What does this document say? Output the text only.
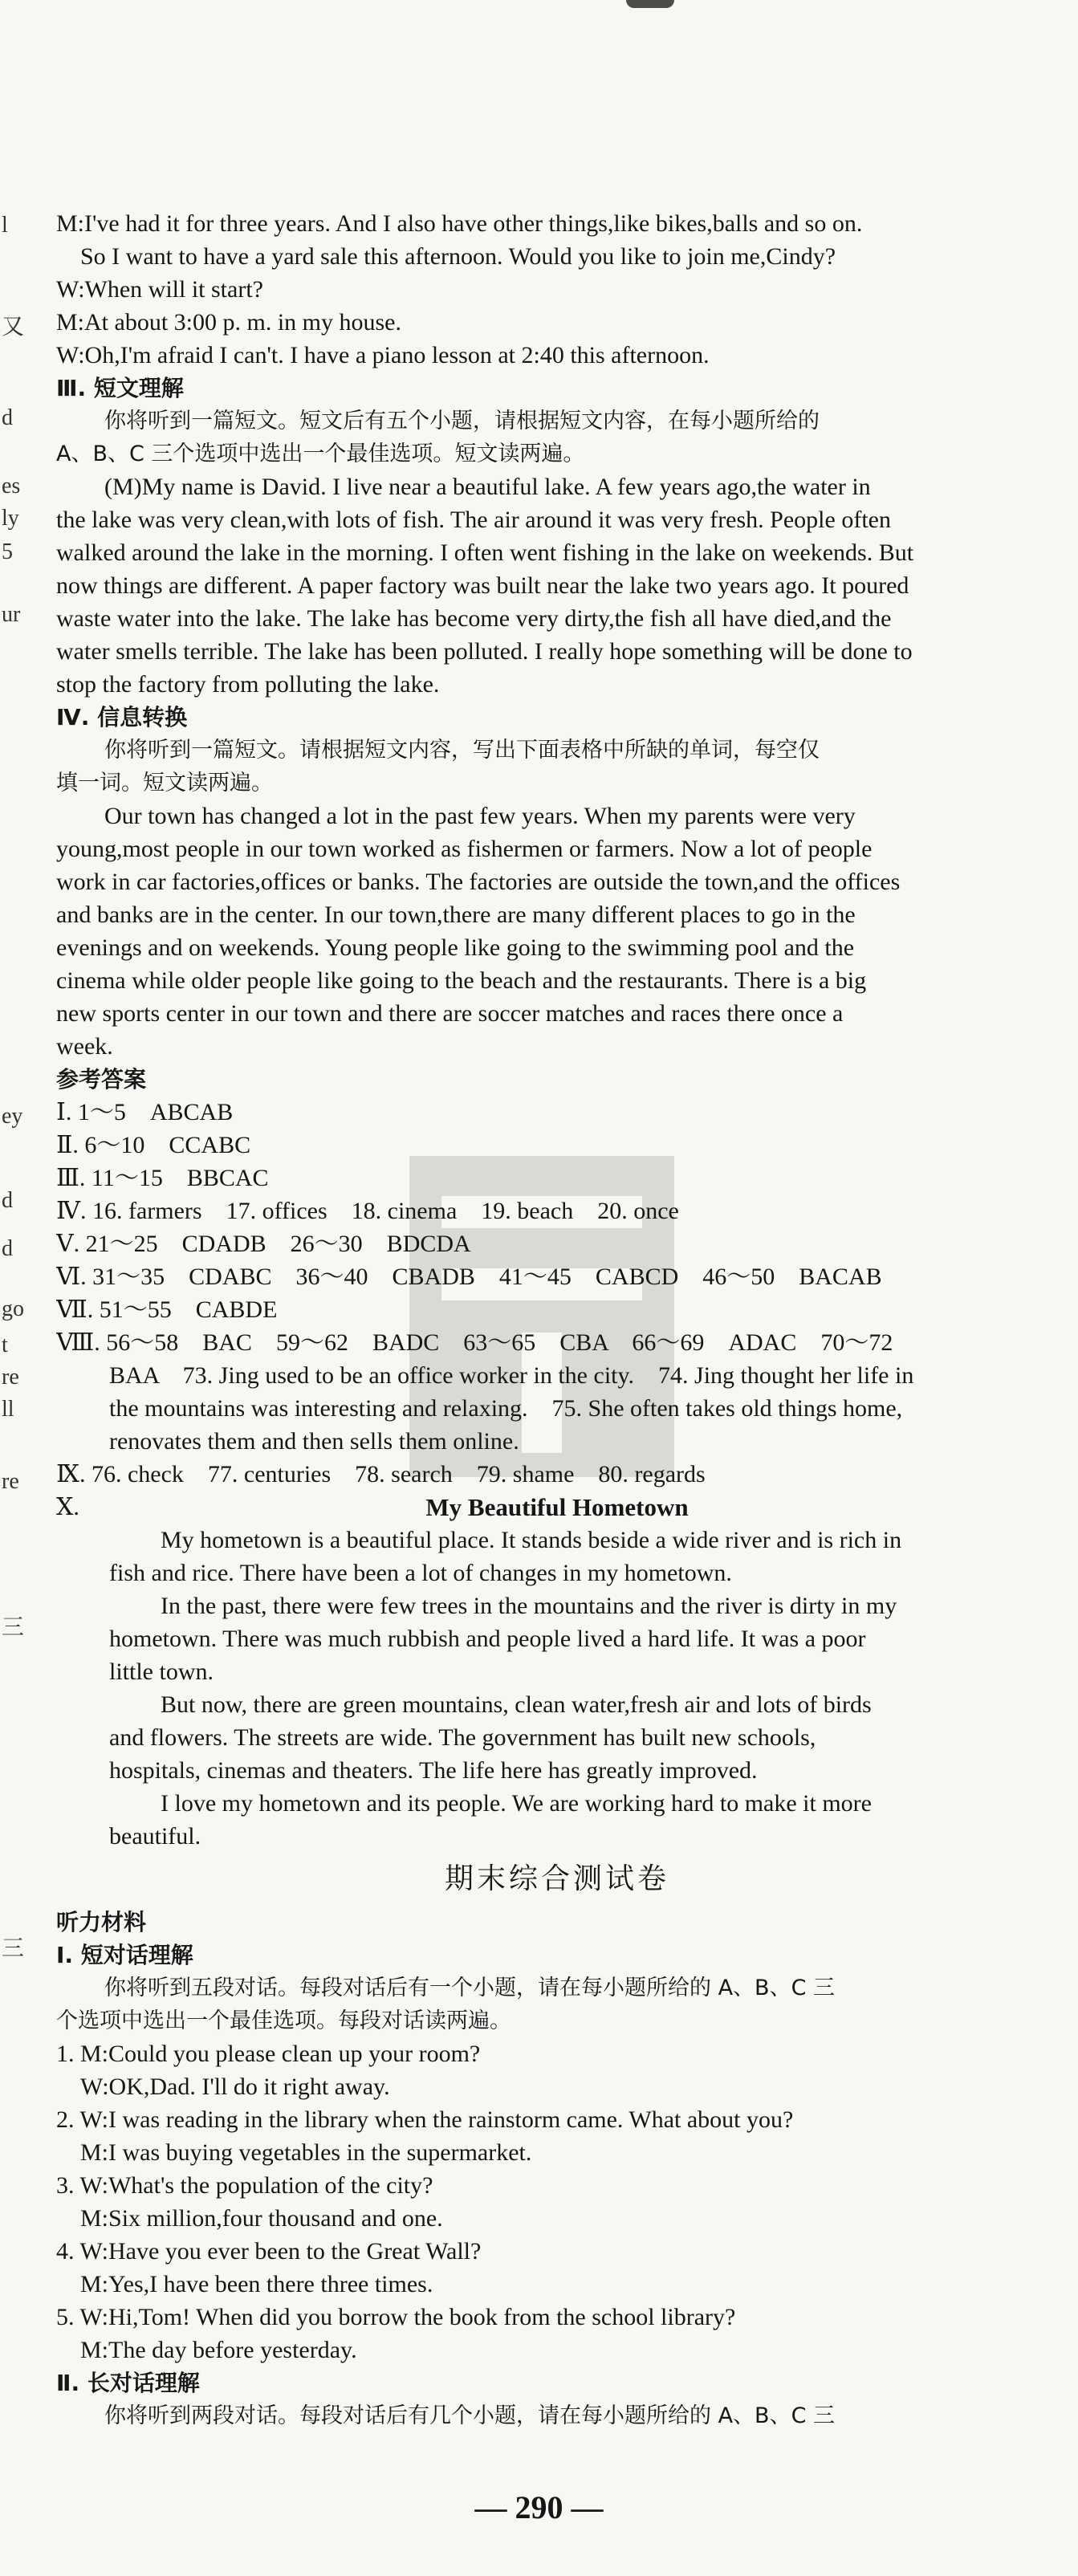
l
又
d
es
ly
5
ur
ey
d
d
go
t
re
ll
re
三
三
M:I've had it for three years. And I also have other things,like bikes,balls and so on.
So I want to have a yard sale this afternoon. Would you like to join me,Cindy?
W:When will it start?
M:At about 3:00 p. m. in my house.
W:Oh,I'm afraid I can't. I have a piano lesson at 2:40 this afternoon.
Ⅲ. 短文理解
你将听到一篇短文。短文后有五个小题，请根据短文内容，在每小题所给的
A、B、C 三个选项中选出一个最佳选项。短文读两遍。
(M)My name is David. I live near a beautiful lake. A few years ago,the water in
the lake was very clean,with lots of fish. The air around it was very fresh. People often
walked around the lake in the morning. I often went fishing in the lake on weekends. But
now things are different. A paper factory was built near the lake two years ago. It poured
waste water into the lake. The lake has become very dirty,the fish all have died,and the
water smells terrible. The lake has been polluted. I really hope something will be done to
stop the factory from polluting the lake.
Ⅳ. 信息转换
你将听到一篇短文。请根据短文内容，写出下面表格中所缺的单词，每空仅
填一词。短文读两遍。
Our town has changed a lot in the past few years. When my parents were very
young,most people in our town worked as fishermen or farmers. Now a lot of people
work in car factories,offices or banks. The factories are outside the town,and the offices
and banks are in the center. In our town,there are many different places to go in the
evenings and on weekends. Young people like going to the swimming pool and the
cinema while older people like going to the beach and the restaurants. There is a big
new sports center in our town and there are soccer matches and races there once a
week.
参考答案
Ⅰ. 1～5　ABCAB
Ⅱ. 6～10　CCABC
Ⅲ. 11～15　BBCAC
Ⅳ. 16. farmers　17. offices　18. cinema　19. beach　20. once
Ⅴ. 21～25　CDADB　26～30　BDCDA
Ⅵ. 31～35　CDABC　36～40　CBADB　41～45　CABCD　46～50　BACAB
Ⅶ. 51～55　CABDE
Ⅷ. 56～58　BAC　59～62　BADC　63～65　CBA　66～69　ADAC　70～72
BAA　73. Jing used to be an office worker in the city.　74. Jing thought her life in
the mountains was interesting and relaxing.　75. She often takes old things home,
renovates them and then sells them online.
Ⅸ. 76. check　77. centuries　78. search　79. shame　80. regards
Ⅹ.	My Beautiful Hometown
My hometown is a beautiful place. It stands beside a wide river and is rich in
fish and rice. There have been a lot of changes in my hometown.
In the past, there were few trees in the mountains and the river is dirty in my
hometown. There was much rubbish and people lived a hard life. It was a poor
little town.
But now, there are green mountains, clean water,fresh air and lots of birds
and flowers. The streets are wide. The government has built new schools,
hospitals, cinemas and theaters. The life here has greatly improved.
I love my hometown and its people. We are working hard to make it more
beautiful.
期末综合测试卷
听力材料
Ⅰ. 短对话理解
你将听到五段对话。每段对话后有一个小题，请在每小题所给的 A、B、C 三
个选项中选出一个最佳选项。每段对话读两遍。
1. M:Could you please clean up your room?
W:OK,Dad. I'll do it right away.
2. W:I was reading in the library when the rainstorm came. What about you?
M:I was buying vegetables in the supermarket.
3. W:What's the population of the city?
M:Six million,four thousand and one.
4. W:Have you ever been to the Great Wall?
M:Yes,I have been there three times.
5. W:Hi,Tom! When did you borrow the book from the school library?
M:The day before yesterday.
Ⅱ. 长对话理解
你将听到两段对话。每段对话后有几个小题，请在每小题所给的 A、B、C 三
— 290 —
